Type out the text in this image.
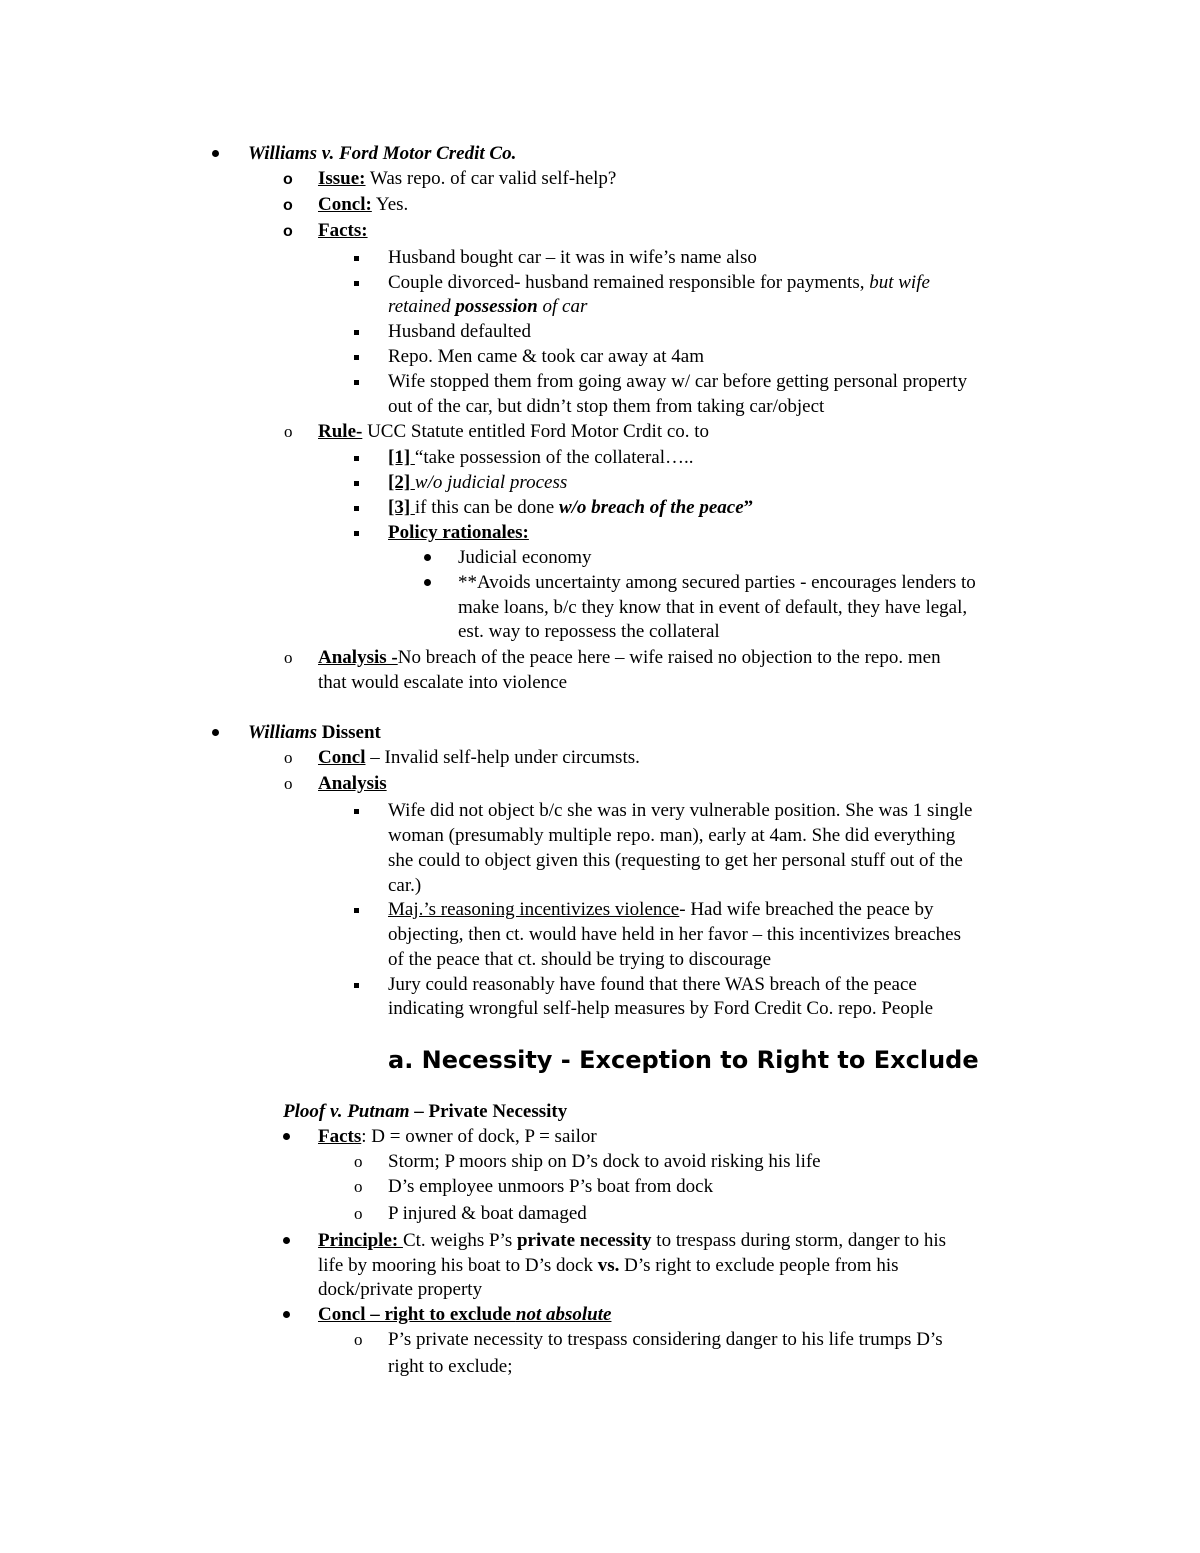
Williams v. Ford Motor Credit Co.
o Issue: Was repo. of car valid self-help?
o Concl: Yes.
o Facts:
Husband bought car – it was in wife’s name also
Couple divorced- husband remained responsible for payments, but wife
retained possession of car
Husband defaulted
Repo. Men came & took car away at 4am
Wife stopped them from going away w/ car before getting personal property
out of the car, but didn’t stop them from taking car/object
o Rule- UCC Statute entitled Ford Motor Crdit co. to
[1] “take possession of the collateral…..
[2] w/o judicial process
[3] if this can be done w/o breach of the peace”
Policy rationales:
Judicial economy
**Avoids uncertainty among secured parties - encourages lenders to
make loans, b/c they know that in event of default, they have legal,
est. way to repossess the collateral
o Analysis -No breach of the peace here – wife raised no objection to the repo. men
that would escalate into violence
Williams Dissent
o Concl – Invalid self-help under circumsts.
o Analysis
Wife did not object b/c she was in very vulnerable position. She was 1 single
woman (presumably multiple repo. man), early at 4am. She did everything
she could to object given this (requesting to get her personal stuff out of the
car.)
Maj.’s reasoning incentivizes violence- Had wife breached the peace by
objecting, then ct. would have held in her favor – this incentivizes breaches
of the peace that ct. should be trying to discourage
Jury could reasonably have found that there WAS breach of the peace
indicating wrongful self-help measures by Ford Credit Co. repo. People
a. Necessity - Exception to Right to Exclude
Ploof v. Putnam – Private Necessity
Facts: D = owner of dock, P = sailor
o Storm; P moors ship on D’s dock to avoid risking his life
o D’s employee unmoors P’s boat from dock
o P injured & boat damaged
Principle: Ct. weighs P’s private necessity to trespass during storm, danger to his
life by mooring his boat to D’s dock vs. D’s right to exclude people from his
dock/private property
Concl – right to exclude not absolute
o P’s private necessity to trespass considering danger to his life trumps D’s
right to exclude;
